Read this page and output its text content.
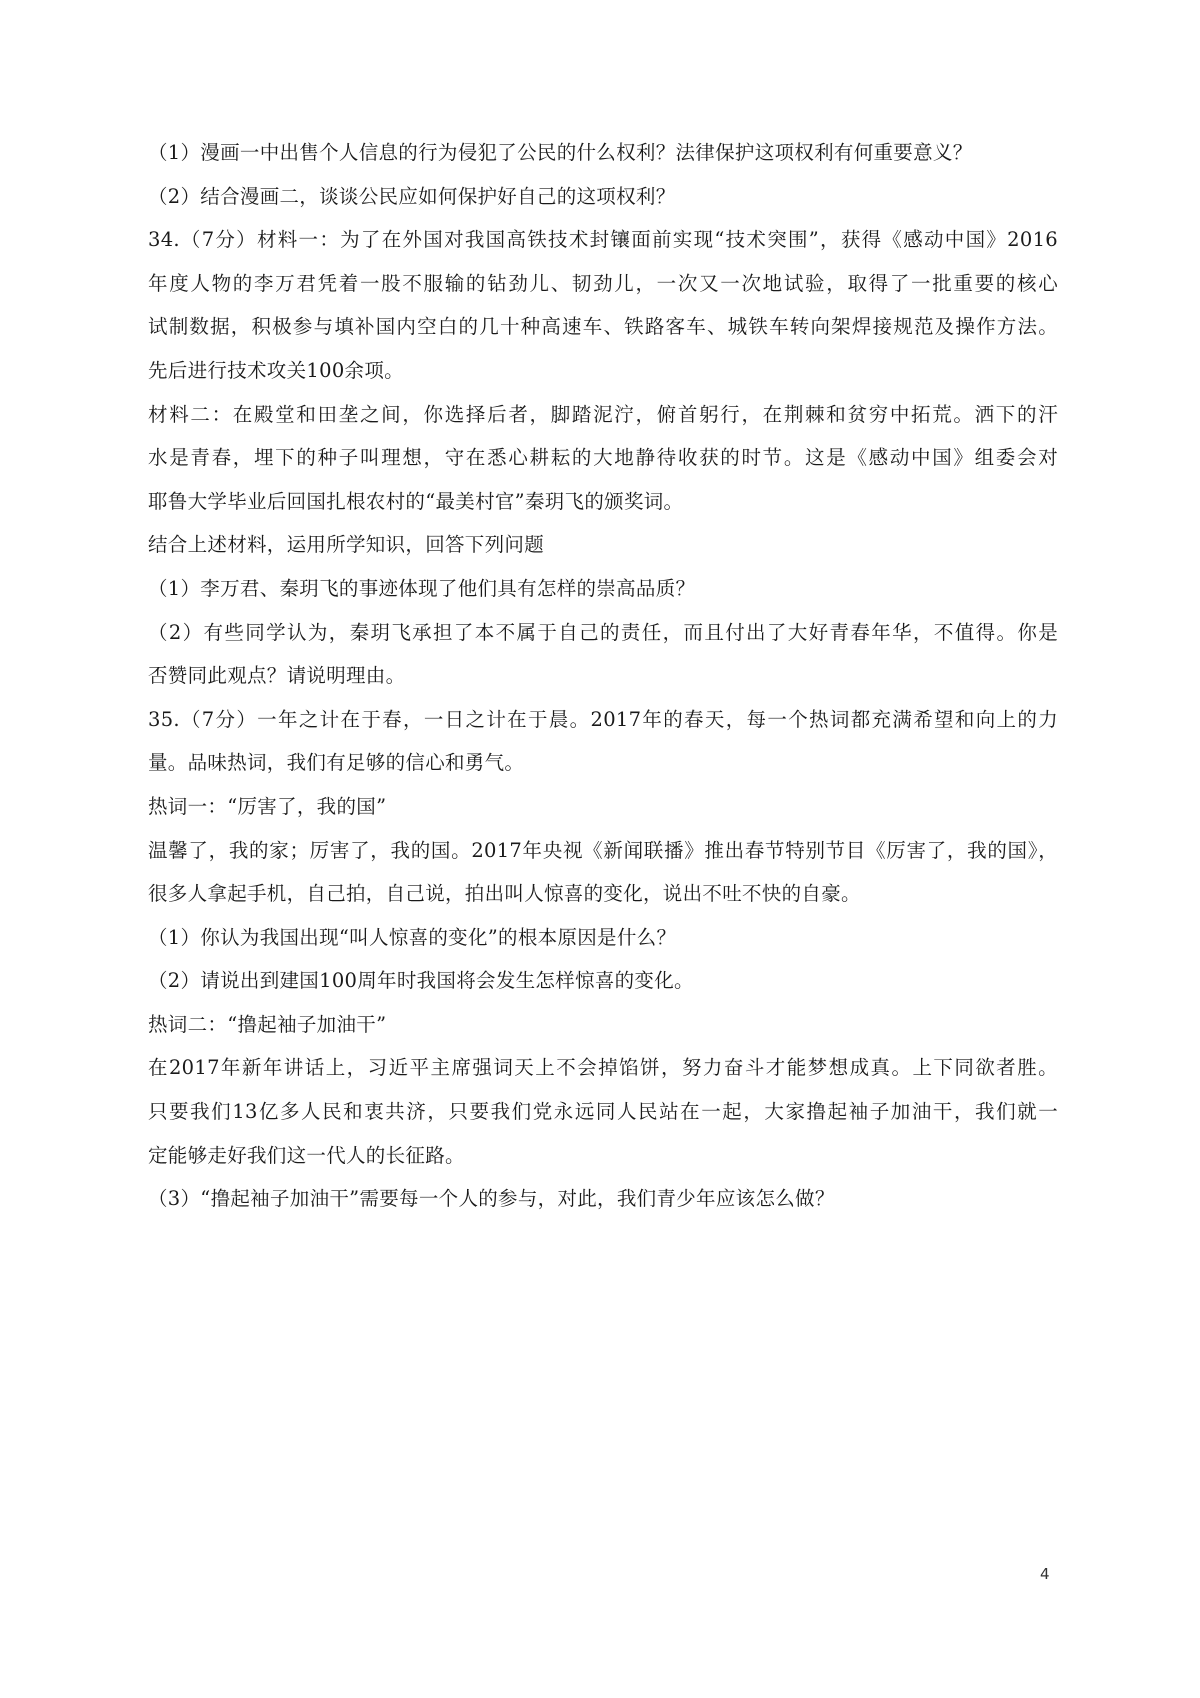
（1）漫画一中出售个人信息的行为侵犯了公民的什么权利？法律保护这项权利有何重要意义？
（2）结合漫画二，谈谈公民应如何保护好自己的这项权利？
34.（7分）材料一：为了在外国对我国高铁技术封镶面前实现“技术突围”，获得《感动中国》2016
年度人物的李万君凭着一股不服输的钻劲儿、韧劲儿，一次又一次地试验，取得了一批重要的核心
试制数据，积极参与填补国内空白的几十种高速车、铁路客车、城铁车转向架焊接规范及操作方法。
先后进行技术攻关100余项。
材料二：在殿堂和田垄之间，你选择后者，脚踏泥泞，俯首躬行，在荆棘和贫穷中拓荒。洒下的汗
水是青春，埋下的种子叫理想，守在悉心耕耘的大地静待收获的时节。这是《感动中国》组委会对
耶鲁大学毕业后回国扎根农村的“最美村官”秦玥飞的颁奖词。
结合上述材料，运用所学知识，回答下列问题
（1）李万君、秦玥飞的事迹体现了他们具有怎样的崇高品质？
（2）有些同学认为，秦玥飞承担了本不属于自己的责任，而且付出了大好青春年华，不值得。你是
否赞同此观点？请说明理由。
35.（7分）一年之计在于春，一日之计在于晨。2017年的春天，每一个热词都充满希望和向上的力
量。品味热词，我们有足够的信心和勇气。
热词一：“厉害了，我的国”
温馨了，我的家；厉害了，我的国。2017年央视《新闻联播》推出春节特别节目《厉害了，我的国》，
很多人拿起手机，自己拍，自己说，拍出叫人惊喜的变化，说出不吐不快的自豪。
（1）你认为我国出现“叫人惊喜的变化”的根本原因是什么？
（2）请说出到建国100周年时我国将会发生怎样惊喜的变化。
热词二：“撸起袖子加油干”
在2017年新年讲话上，习近平主席强词天上不会掉馅饼，努力奋斗才能梦想成真。上下同欲者胜。
只要我们13亿多人民和衷共济，只要我们党永远同人民站在一起，大家撸起袖子加油干，我们就一
定能够走好我们这一代人的长征路。
（3）“撸起袖子加油干”需要每一个人的参与，对此，我们青少年应该怎么做？
4
